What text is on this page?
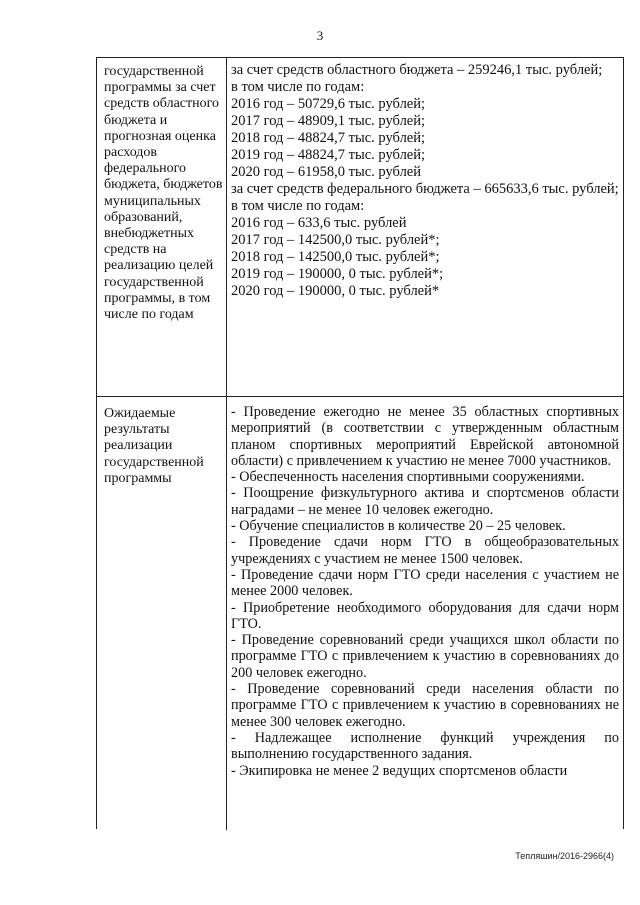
3
государственной программы за счет средств областного бюджета и прогнозная оценка расходов федерального бюджета, бюджетов муниципальных образований, внебюджетных средств на реализацию целей государственной программы, в том числе по годам

за счет средств областного бюджета – 259246,1 тыс. рублей;

в том числе по годам:

2016 год – 50729,6 тыс. рублей;

2017 год – 48909,1 тыс. рублей;

2018 год – 48824,7 тыс. рублей;

2019 год – 48824,7 тыс. рублей;

2020 год – 61958,0 тыс. рублей

за счет средств федерального бюджета – 665633,6 тыс. рублей;

в том числе по годам:

2016 год – 633,6 тыс. рублей

2017 год – 142500,0 тыс. рублей*;

2018 год – 142500,0 тыс. рублей*;

2019 год – 190000, 0 тыс. рублей*;

2020 год – 190000, 0 тыс. рублей*

Ожидаемые результаты реализации государственной программы

- Проведение ежегодно не менее 35 областных спортивных мероприятий (в соответствии с утвержденным областным планом спортивных мероприятий Еврейской автономной области) с привлечением к участию не менее 7000 участников.

- Обеспеченность населения спортивными сооружениями.

- Поощрение физкультурного актива и спортсменов области наградами – не менее 10 человек ежегодно.

- Обучение специалистов в количестве 20 – 25 человек.

- Проведение сдачи норм ГТО в общеобразовательных учреждениях с участием не менее 1500 человек.

- Проведение сдачи норм ГТО среди населения с участием не менее 2000 человек.

- Приобретение необходимого оборудования для сдачи норм ГТО.

- Проведение соревнований среди учащихся школ области по программе ГТО с привлечением к участию в соревнованиях до 200 человек ежегодно.

- Проведение соревнований среди населения области по программе ГТО с привлечением к участию в соревнованиях не менее 300 человек ежегодно.

- Надлежащее исполнение функций учреждения по выполнению государственного задания.

- Экипировка не менее 2 ведущих спортсменов области

Тепляшин/2016-2966(4)
